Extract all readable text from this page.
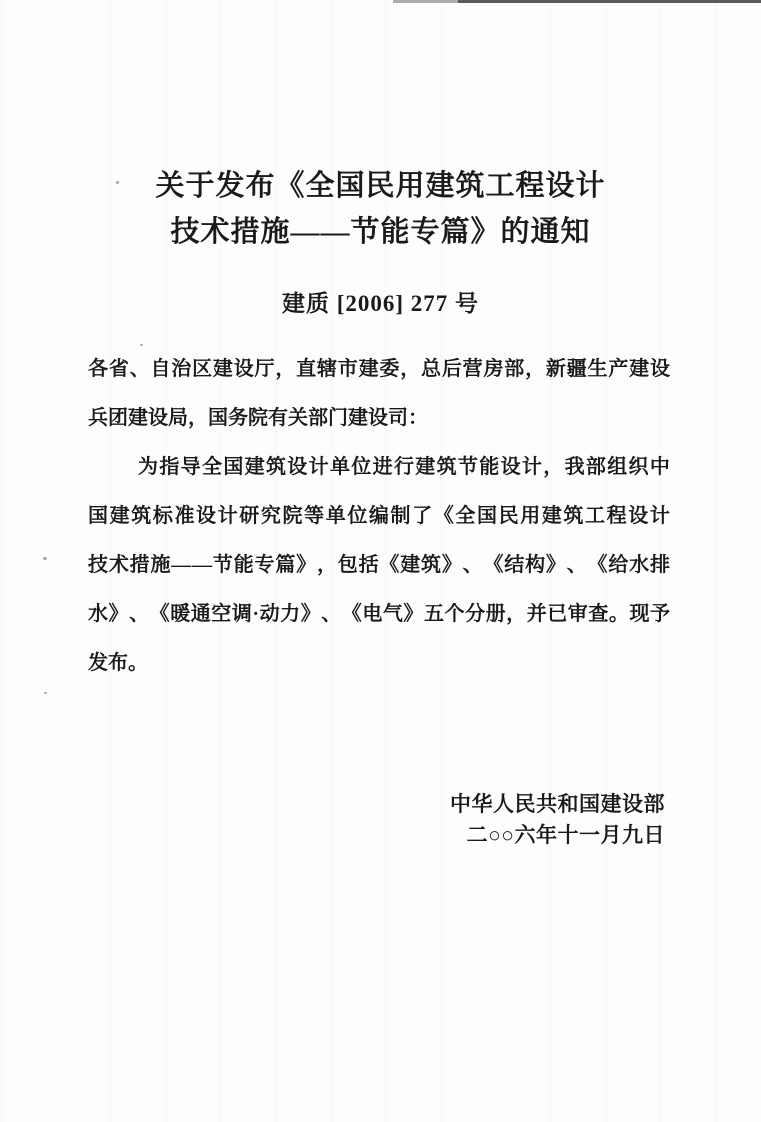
关于发布《全国民用建筑工程设计
技术措施——节能专篇》的通知
建质 [2006] 277 号
各 省 、 自 治 区 建 设 厅 ， 直 辖 市 建 委 ， 总 后 营 房 部 ， 新 疆 生 产 建 设
兵团建设局，国务院有关部门建设司：
为 指 导 全 国 建 筑 设 计 单 位 进 行 建 筑 节 能 设 计 ， 我 部 组 织 中
国 建 筑 标 准 设 计 研 究 院 等 单 位 编 制 了 《 全 国 民 用 建 筑 工 程 设 计
技 术 措 施 — — 节 能 专 篇 》 ， 包 括 《 建 筑 》 、 《 结 构 》 、 《 给 水 排
水 》 、 《 暖 通 空 调 · 动 力 》 、 《 电 气 》 五 个 分 册 ， 并 已 审 查 。 现 予
发布。
中华人民共和国建设部
二○○六年十一月九日
